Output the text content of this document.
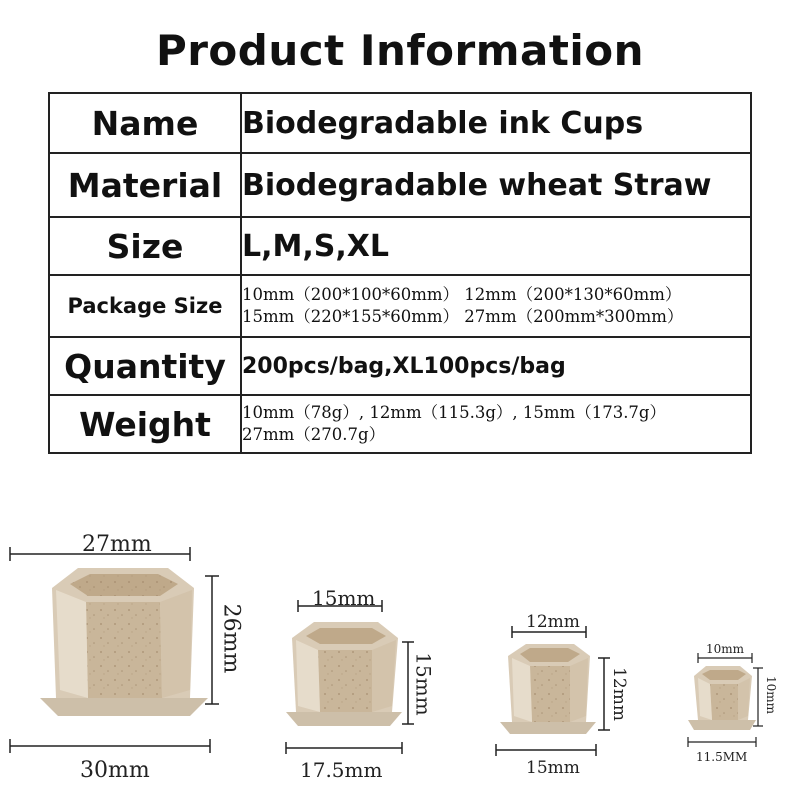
Product Information
Name	Biodegradable ink Cups
Material	Biodegradable wheat Straw
Size	L,M,S,XL
Package Size	10mm（200*100*60mm） 12mm（200*130*60mm）
15mm（220*155*60mm） 27mm（200mm*300mm）

Quantity	200pcs/bag,XL100pcs/bag
Weight	10mm（78g）, 12mm（115.3g）, 15mm（173.7g）
27mm（270.7g）
27mm
26mm
30mm
15mm
15mm
17.5mm
12mm
12mm
15mm
10mm
10mm
11.5MM
